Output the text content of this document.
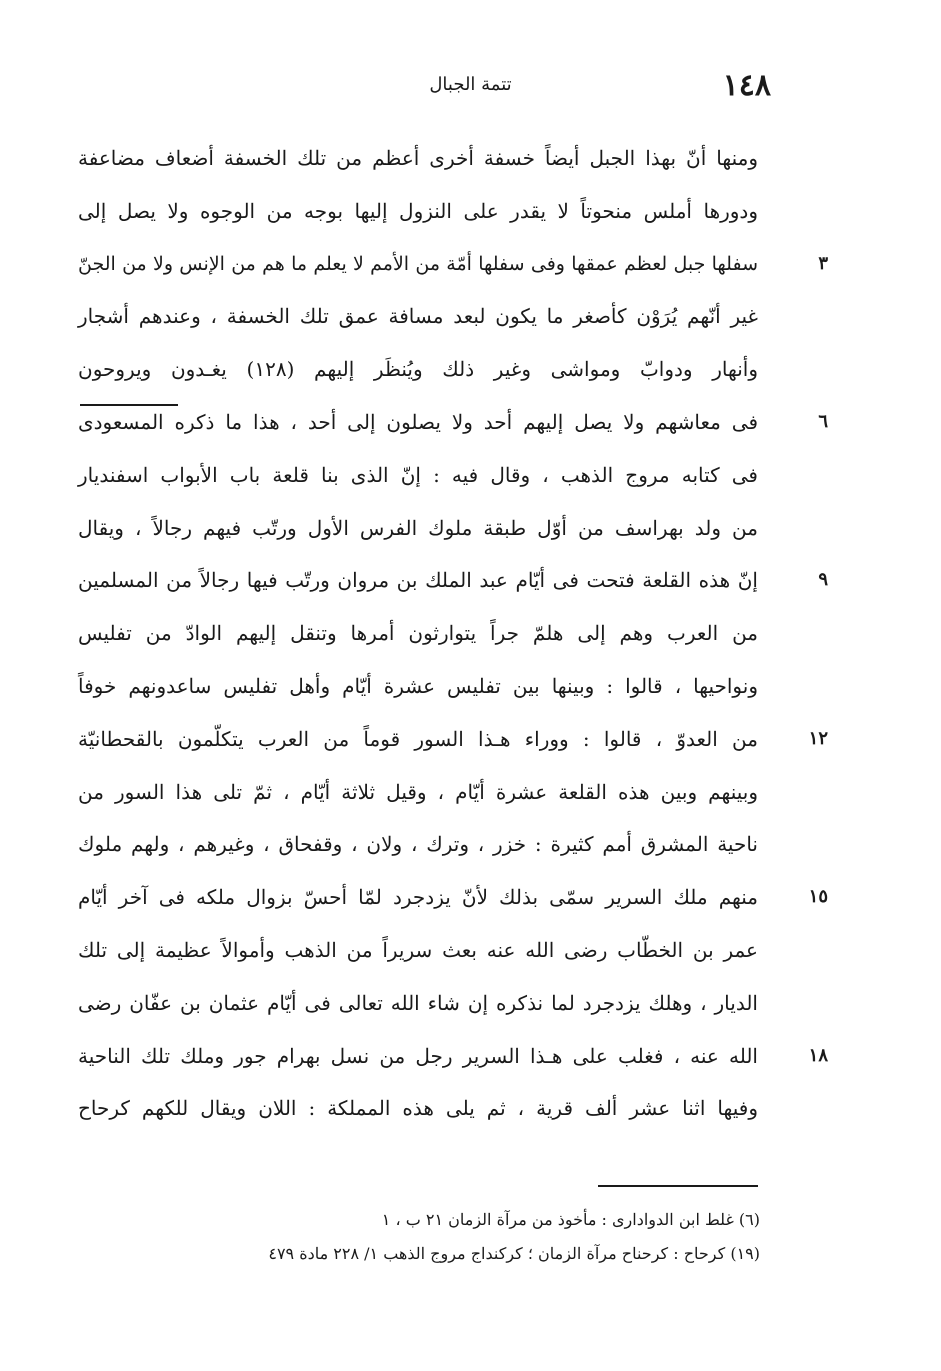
تتمة الجبال	١٤٨
ومنها أنّ بهذا الجبل أيضاً خسفة أخرى أعظم من تلك الخسفة أضعاف مضاعفة
ودورها أملس منحوتاً لا يقدر على النزول إليها بوجه من الوجوه ولا يصل إلى
سفلها جبل لعظم عمقها وفى سفلها أمّة من الأمم لا يعلم ما هم من الإنس ولا من الجنّ	٣
غير أنّهم يُرَوْن كأصغر ما يكون لبعد مسافة عمق تلك الخسفة ، وعندهم أشجار
وأنهار ودوابّ ومواشى وغير ذلك ويُنظَر إليهم (١٢٨) يغـدون ويروحون
فى معاشهم ولا يصل إليهم أحد ولا يصلون إلى أحد ، هذا ما ذكره المسعودى	٦
فى كتابه مروج الذهب ، وقال فيه : إنّ الذى بنا قلعة باب الأبواب اسفنديار
من ولد بهراسف من أوّل طبقة ملوك الفرس الأول ورتّب فيهم رجالاً ، ويقال
إنّ هذه القلعة فتحت فى أيّام عبد الملك بن مروان ورتّب فيها رجالاً من المسلمين	٩
من العرب وهم إلى هلمّ جراً يتوارثون أمرها وتنقل إليهم الوادّ من تفليس
ونواحيها ، قالوا : وبينها بين تفليس عشرة أيّام وأهل تفليس ساعدونهم خوفاً
من العدوّ ، قالوا : ووراء هـذا السور قوماً من العرب يتكلّمون بالقحطانيّة	١٢
وبينهم وبين هذه القلعة عشرة أيّام ، وقيل ثلاثة أيّام ، ثمّ تلى هذا السور من
ناحية المشرق أمم كثيرة : خزر ، وترك ، ولان ، وقفحاق ، وغيرهم ، ولهم ملوك
منهم ملك السرير سمّى بذلك لأنّ يزدجرد لمّا أحسّ بزوال ملكه فى آخر أيّام	١٥
عمر بن الخطّاب رضى الله عنه بعث سريراً من الذهب وأموالاً عظيمة إلى تلك
الديار ، وهلك يزدجرد لما نذكره إن شاء الله تعالى فى أيّام عثمان بن عفّان رضى
الله عنه ، فغلب على هـذا السرير رجل من نسل بهرام جور وملك تلك الناحية	١٨
وفيها اثنا عشر ألف قرية ، ثم يلى هذه المملكة : اللان ويقال للكهم كرحاح
(٦) غلط ابن الدوادارى : مأخوذ من مرآة الزمان ٢١ ب ، ١
(١٩) كرحاح : كرحناح مرآة الزمان ؛ كركنداج مروج الذهب ١/ ٢٢٨ مادة ٤٧٩
